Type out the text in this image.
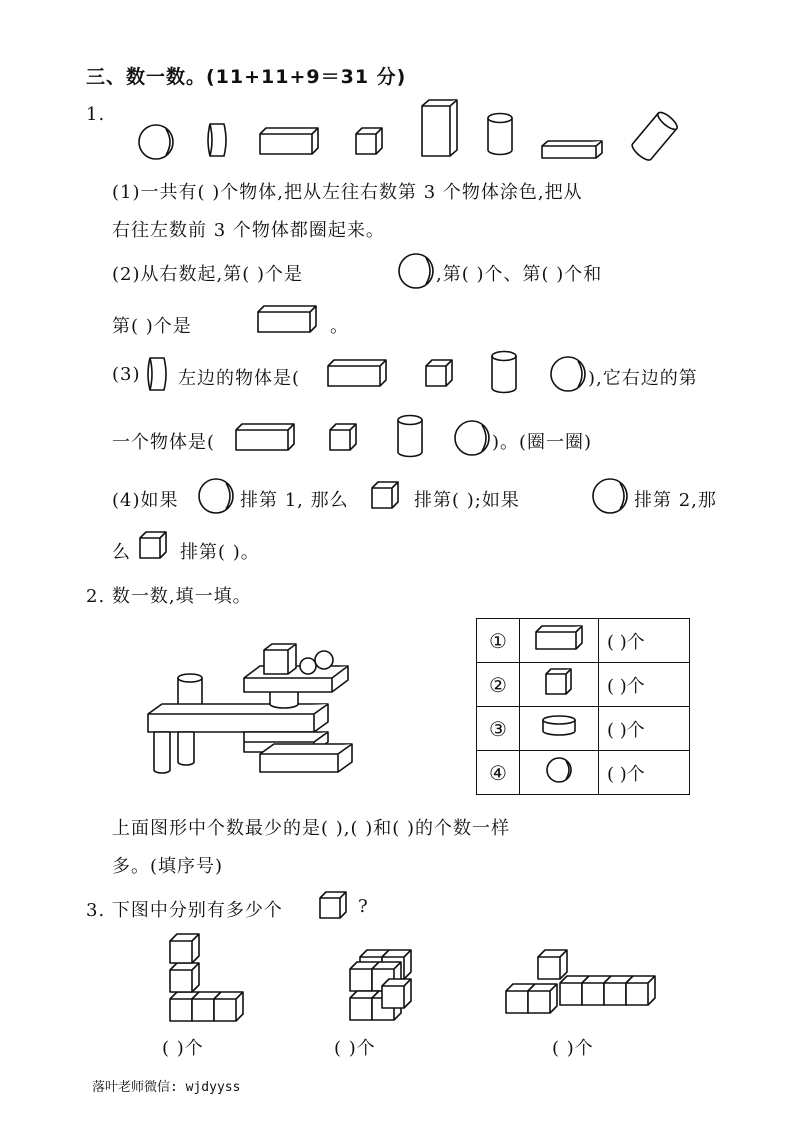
三、数一数。(11+11+9＝31 分)
1.
(1)一共有( )个物体,把从左往右数第 3 个物体涂色,把从
右往左数前 3 个物体都圈起来。
(2)从右数起,第( )个是	,第( )个、第( )个和
第( )个是	。
(3) 左边的物体是(	),它右边的第
一个物体是(	)。(圈一圈)
(4)如果	排第 1, 那么	排第( );如果	排第 2,那
么	排第( )。
2. 数一数,填一填。
①		( )个
②		( )个
③		( )个
④		( )个
上面图形中个数最少的是( ),( )和( )的个数一样
多。(填序号)
3. 下图中分别有多少个	?
( )个	( )个	( )个
落叶老师微信: wjdyyss
